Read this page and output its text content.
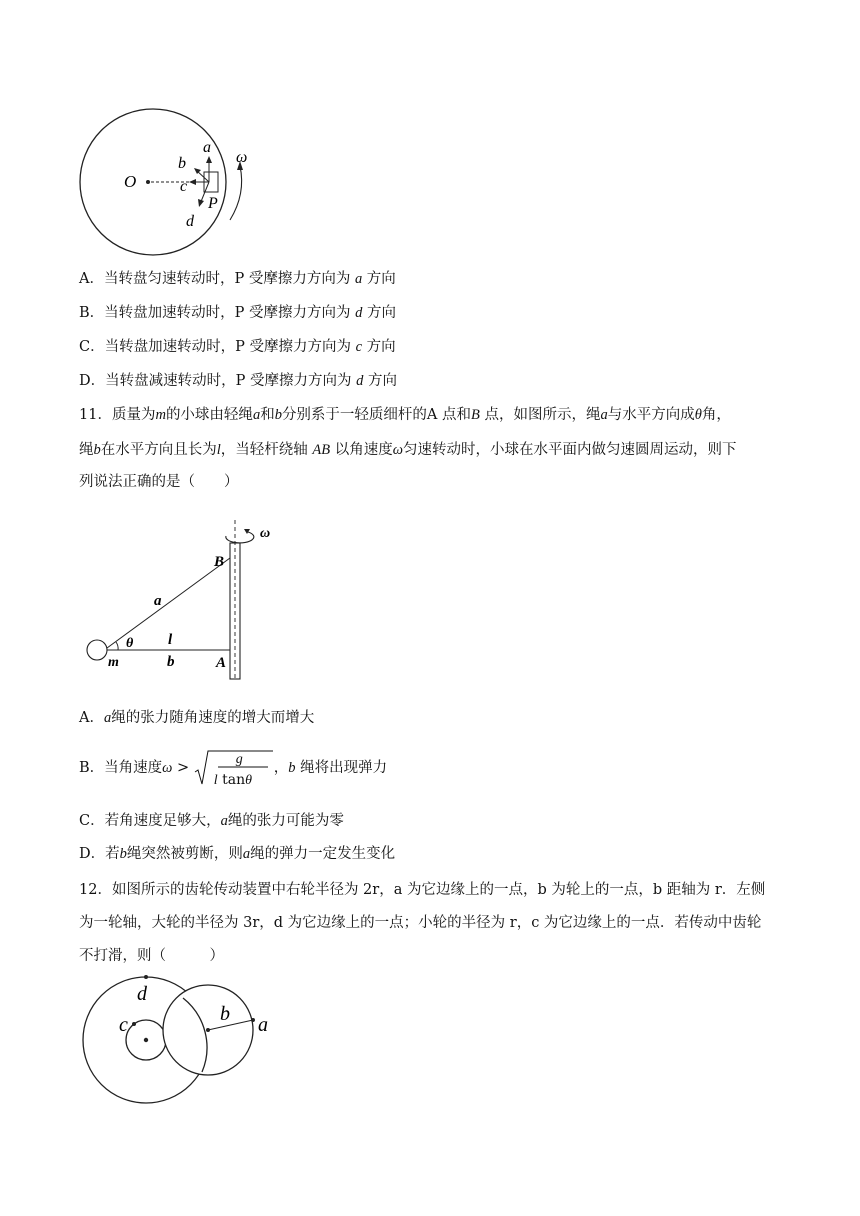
O
a
b
c
P
d
ω
A．当转盘匀速转动时，P 受摩擦力方向为 a 方向
B．当转盘加速转动时，P 受摩擦力方向为 d 方向
C．当转盘加速转动时，P 受摩擦力方向为 c 方向
D．当转盘减速转动时，P 受摩擦力方向为 d 方向
11．质量为m的小球由轻绳a和b分别系于一轻质细杆的A 点和B 点，如图所示，绳a与水平方向成θ角，
绳b在水平方向且长为l，当轻杆绕轴 AB 以角速度ω匀速转动时，小球在水平面内做匀速圆周运动，则下
列说法正确的是（　　）
ω
B
a
θ l
m	b	A
A．a绳的张力随角速度的增大而增大
B．当角速度ω >
g
l tanθ
，b 绳将出现弹力
C．若角速度足够大，a绳的张力可能为零
D．若b绳突然被剪断，则a绳的弹力一定发生变化
12．如图所示的齿轮传动装置中右轮半径为 2r，a 为它边缘上的一点，b 为轮上的一点，b 距轴为 r．左侧
为一轮轴，大轮的半径为 3r，d 为它边缘上的一点；小轮的半径为 r，c 为它边缘上的一点．若传动中齿轮
不打滑，则（　　　）
d
c	b a
